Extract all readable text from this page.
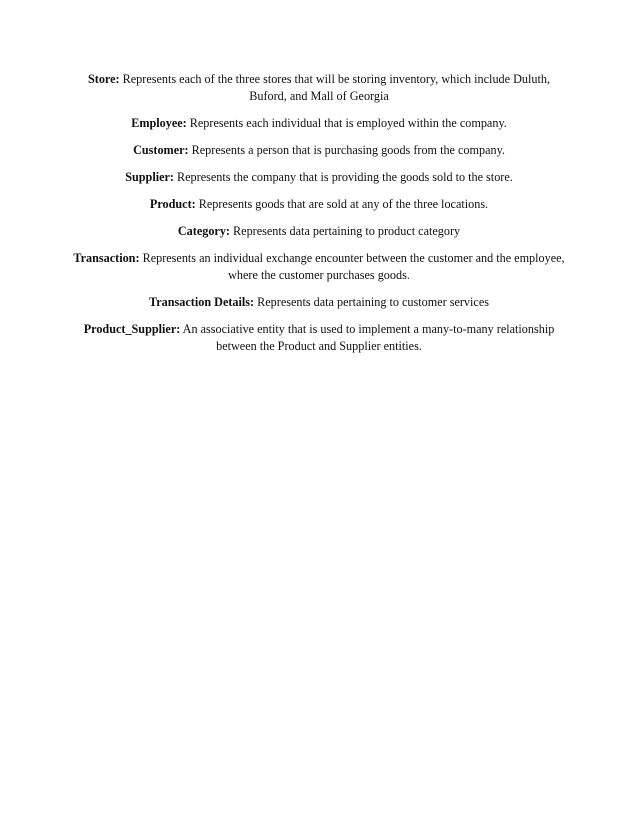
Store: Represents each of the three stores that will be storing inventory, which include Duluth, Buford, and Mall of Georgia

Employee: Represents each individual that is employed within the company.

Customer: Represents a person that is purchasing goods from the company.

Supplier: Represents the company that is providing the goods sold to the store.

Product: Represents goods that are sold at any of the three locations.

Category: Represents data pertaining to product category

Transaction: Represents an individual exchange encounter between the customer and the employee, where the customer purchases goods.

Transaction Details: Represents data pertaining to customer services

Product_Supplier: An associative entity that is used to implement a many-to-many relationship between the Product and Supplier entities.
